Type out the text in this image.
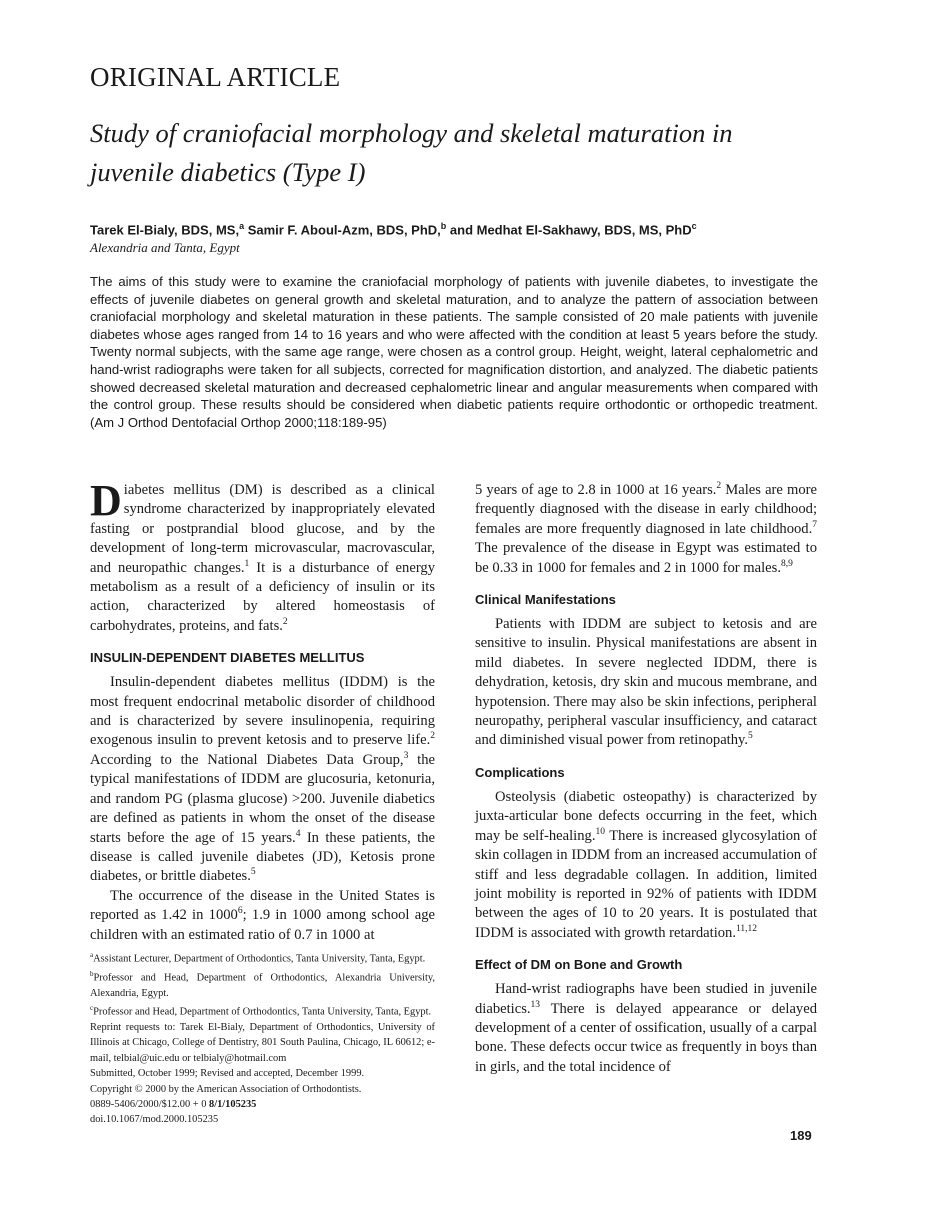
ORIGINAL ARTICLE
Study of craniofacial morphology and skeletal maturation in juvenile diabetics (Type I)
Tarek El-Bialy, BDS, MS,$^a$ Samir F. Aboul-Azm, BDS, PhD,$^b$ and Medhat El-Sakhawy, BDS, MS, PhD$^c$
Alexandria and Tanta, Egypt
The aims of this study were to examine the craniofacial morphology of patients with juvenile diabetes, to investigate the effects of juvenile diabetes on general growth and skeletal maturation, and to analyze the pattern of association between craniofacial morphology and skeletal maturation in these patients. The sample consisted of 20 male patients with juvenile diabetes whose ages ranged from 14 to 16 years and who were affected with the condition at least 5 years before the study. Twenty normal subjects, with the same age range, were chosen as a control group. Height, weight, lateral cephalometric and hand-wrist radiographs were taken for all subjects, corrected for magnification distortion, and analyzed. The diabetic patients showed decreased skeletal maturation and decreased cephalometric linear and angular measurements when compared with the control group. These results should be considered when diabetic patients require orthodontic or orthopedic treatment. (Am J Orthod Dentofacial Orthop 2000;118:189-95)

Diabetes mellitus (DM) is described as a clinical syndrome characterized by inappropriately elevated fasting or postprandial blood glucose, and by the development of long-term microvascular, macrovascular, and neuropathic changes.$^1$ It is a disturbance of energy metabolism as a result of a deficiency of insulin or its action, characterized by altered homeostasis of carbohydrates, proteins, and fats.$^2$

INSULIN-DEPENDENT DIABETES MELLITUS

Insulin-dependent diabetes mellitus (IDDM) is the most frequent endocrinal metabolic disorder of childhood and is characterized by severe insulinopenia, requiring exogenous insulin to prevent ketosis and to preserve life.$^2$ According to the National Diabetes Data Group,$^3$ the typical manifestations of IDDM are glucosuria, ketonuria, and random PG (plasma glucose) >200. Juvenile diabetics are defined as patients in whom the onset of the disease starts before the age of 15 years.$^4$ In these patients, the disease is called juvenile diabetes (JD), Ketosis prone diabetes, or brittle diabetes.$^5$

The occurrence of the disease in the United States is reported as 1.42 in 1000$^6$; 1.9 in 1000 among school age children with an estimated ratio of 0.7 in 1000 at

5 years of age to 2.8 in 1000 at 16 years.$^2$ Males are more frequently diagnosed with the disease in early childhood; females are more frequently diagnosed in late childhood.$^7$ The prevalence of the disease in Egypt was estimated to be 0.33 in 1000 for females and 2 in 1000 for males.$^{8,9}$

Clinical Manifestations

Patients with IDDM are subject to ketosis and are sensitive to insulin. Physical manifestations are absent in mild diabetes. In severe neglected IDDM, there is dehydration, ketosis, dry skin and mucous membrane, and hypotension. There may also be skin infections, peripheral neuropathy, peripheral vascular insufficiency, and cataract and diminished visual power from retinopathy.$^5$

Complications

Osteolysis (diabetic osteopathy) is characterized by juxta-articular bone defects occurring in the feet, which may be self-healing.$^{10}$ There is increased glycosylation of skin collagen in IDDM from an increased accumulation of stiff and less degradable collagen. In addition, limited joint mobility is reported in 92% of patients with IDDM between the ages of 10 to 20 years. It is postulated that IDDM is associated with growth retardation.$^{11,12}$

Effect of DM on Bone and Growth

Hand-wrist radiographs have been studied in juvenile diabetics.$^{13}$ There is delayed appearance or delayed development of a center of ossification, usually of a carpal bone. These defects occur twice as frequently in boys than in girls, and the total incidence of

$^a$Assistant Lecturer, Department of Orthodontics, Tanta University, Tanta, Egypt.
$^b$Professor and Head, Department of Orthodontics, Alexandria University, Alexandria, Egypt.
$^c$Professor and Head, Department of Orthodontics, Tanta University, Tanta, Egypt.
Reprint requests to: Tarek El-Bialy, Department of Orthodontics, University of Illinois at Chicago, College of Dentistry, 801 South Paulina, Chicago, IL 60612; e-mail, telbial@uic.edu or telbialy@hotmail.com
Submitted, October 1999; Revised and accepted, December 1999.
Copyright © 2000 by the American Association of Orthodontists.
0889-5406/2000/$12.00 + 0 8/1/105235
doi.10.1067/mod.2000.105235
189
